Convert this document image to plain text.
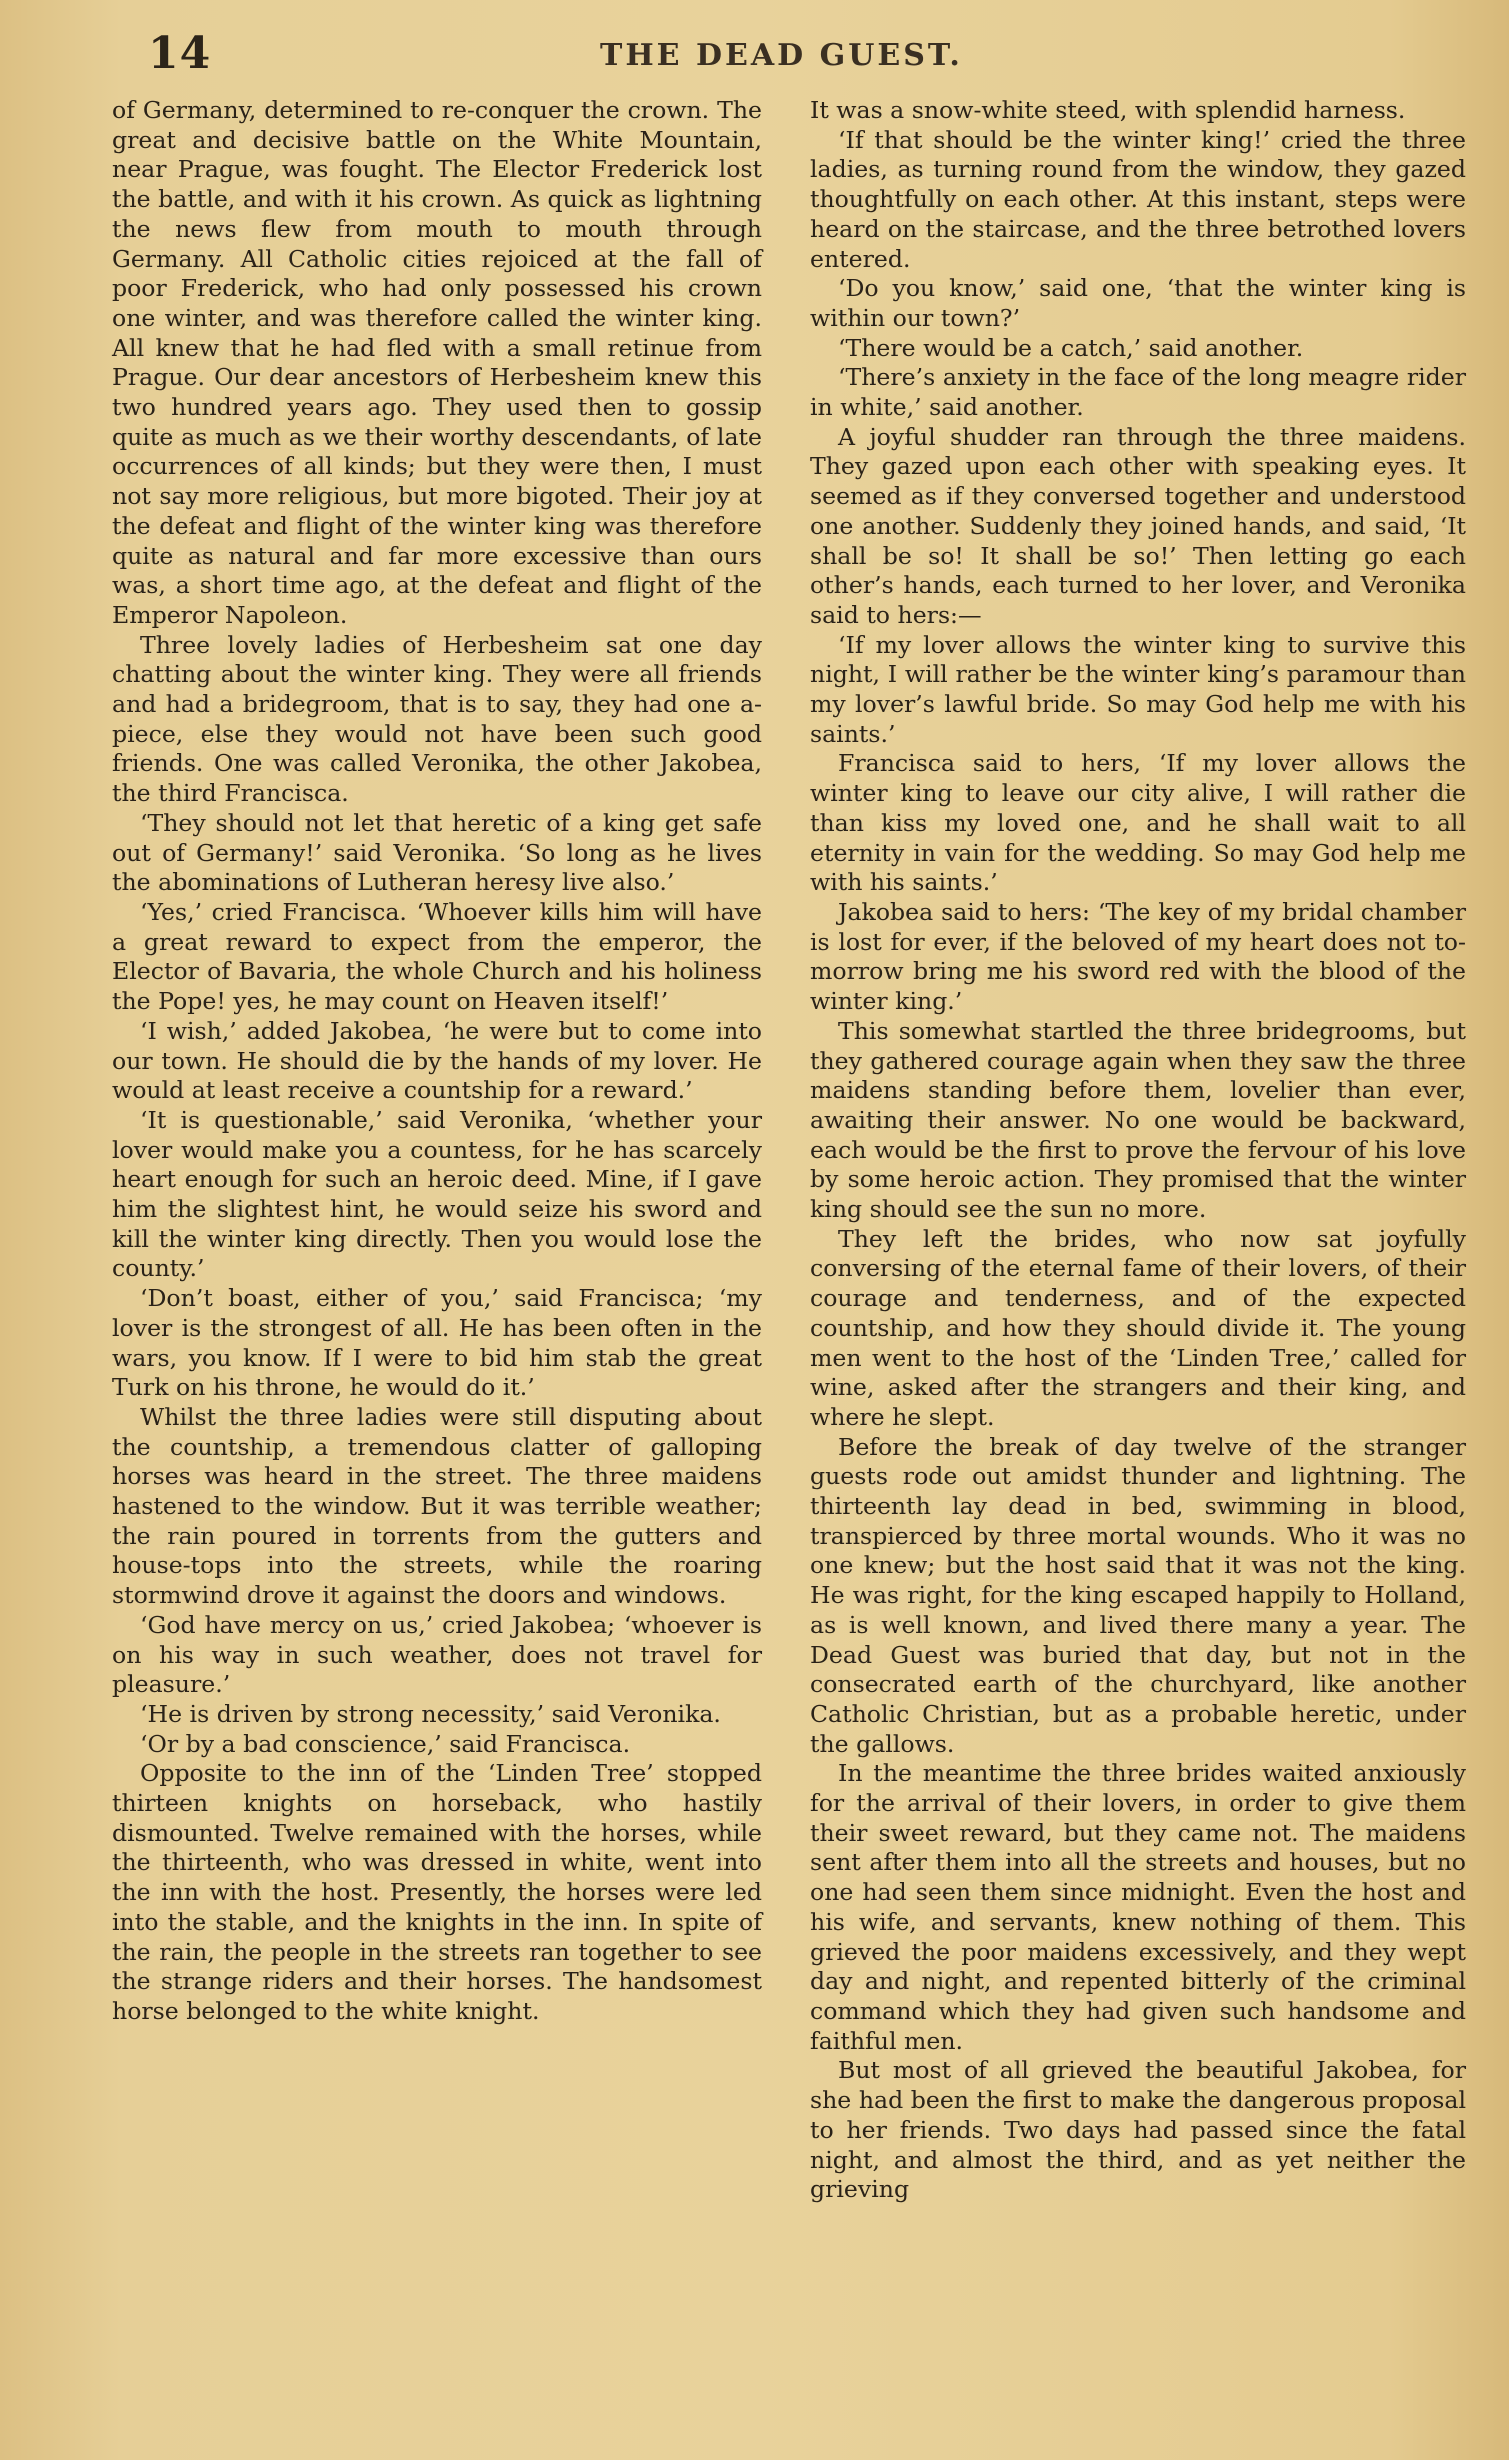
14	THE DEAD GUEST.

of Germany, determined to re-conquer the crown. The great and decisive battle on the White Mountain, near Prague, was fought. The Elector Frederick lost the battle, and with it his crown. As quick as lightning the news flew from mouth to mouth through Germany. All Catholic cities rejoiced at the fall of poor Frederick, who had only possessed his crown one winter, and was therefore called the winter king. All knew that he had fled with a small retinue from Prague. Our dear ancestors of Herbesheim knew this two hundred years ago. They used then to gossip quite as much as we their worthy descendants, of late occurrences of all kinds; but they were then, I must not say more religious, but more bigoted. Their joy at the defeat and flight of the winter king was therefore quite as natural and far more excessive than ours was, a short time ago, at the defeat and flight of the Emperor Napoleon.

Three lovely ladies of Herbesheim sat one day chatting about the winter king. They were all friends and had a bridegroom, that is to say, they had one a-piece, else they would not have been such good friends. One was called Veronika, the other Jakobea, the third Francisca.

‘They should not let that heretic of a king get safe out of Germany!’ said Veronika. ‘So long as he lives the abominations of Lutheran heresy live also.’

‘Yes,’ cried Francisca. ‘Whoever kills him will have a great reward to expect from the emperor, the Elector of Bavaria, the whole Church and his holiness the Pope! yes, he may count on Heaven itself!’

‘I wish,’ added Jakobea, ‘he were but to come into our town. He should die by the hands of my lover. He would at least receive a countship for a reward.’

‘It is questionable,’ said Veronika, ‘whether your lover would make you a countess, for he has scarcely heart enough for such an heroic deed. Mine, if I gave him the slightest hint, he would seize his sword and kill the winter king directly. Then you would lose the county.’

‘Don’t boast, either of you,’ said Francisca; ‘my lover is the strongest of all. He has been often in the wars, you know. If I were to bid him stab the great Turk on his throne, he would do it.’

Whilst the three ladies were still disputing about the countship, a tremendous clatter of galloping horses was heard in the street. The three maidens hastened to the window. But it was terrible weather; the rain poured in torrents from the gutters and house-tops into the streets, while the roaring stormwind drove it against the doors and windows.

‘God have mercy on us,’ cried Jakobea; ‘whoever is on his way in such weather, does not travel for pleasure.’

‘He is driven by strong necessity,’ said Veronika.

‘Or by a bad conscience,’ said Francisca.

Opposite to the inn of the ‘Linden Tree’ stopped thirteen knights on horseback, who hastily dismounted. Twelve remained with the horses, while the thirteenth, who was dressed in white, went into the inn with the host. Presently, the horses were led into the stable, and the knights in the inn. In spite of the rain, the people in the streets ran together to see the strange riders and their horses. The handsomest horse belonged to the white knight.

It was a snow-white steed, with splendid harness.

‘If that should be the winter king!’ cried the three ladies, as turning round from the window, they gazed thoughtfully on each other. At this instant, steps were heard on the staircase, and the three betrothed lovers entered.

‘Do you know,’ said one, ‘that the winter king is within our town?’

‘There would be a catch,’ said another.

‘There’s anxiety in the face of the long meagre rider in white,’ said another.

A joyful shudder ran through the three maidens. They gazed upon each other with speaking eyes. It seemed as if they conversed together and understood one another. Suddenly they joined hands, and said, ‘It shall be so! It shall be so!’ Then letting go each other’s hands, each turned to her lover, and Veronika said to hers:—

‘If my lover allows the winter king to survive this night, I will rather be the winter king’s paramour than my lover’s lawful bride. So may God help me with his saints.’

Francisca said to hers, ‘If my lover allows the winter king to leave our city alive, I will rather die than kiss my loved one, and he shall wait to all eternity in vain for the wedding. So may God help me with his saints.’

Jakobea said to hers: ‘The key of my bridal chamber is lost for ever, if the beloved of my heart does not to-morrow bring me his sword red with the blood of the winter king.’

This somewhat startled the three bridegrooms, but they gathered courage again when they saw the three maidens standing before them, lovelier than ever, awaiting their answer. No one would be backward, each would be the first to prove the fervour of his love by some heroic action. They promised that the winter king should see the sun no more.

They left the brides, who now sat joyfully conversing of the eternal fame of their lovers, of their courage and tenderness, and of the expected countship, and how they should divide it. The young men went to the host of the ‘Linden Tree,’ called for wine, asked after the strangers and their king, and where he slept.

Before the break of day twelve of the stranger guests rode out amidst thunder and lightning. The thirteenth lay dead in bed, swimming in blood, transpierced by three mortal wounds. Who it was no one knew; but the host said that it was not the king. He was right, for the king escaped happily to Holland, as is well known, and lived there many a year. The Dead Guest was buried that day, but not in the consecrated earth of the churchyard, like another Catholic Christian, but as a probable heretic, under the gallows.

In the meantime the three brides waited anxiously for the arrival of their lovers, in order to give them their sweet reward, but they came not. The maidens sent after them into all the streets and houses, but no one had seen them since midnight. Even the host and his wife, and servants, knew nothing of them. This grieved the poor maidens excessively, and they wept day and night, and repented bitterly of the criminal command which they had given such handsome and faithful men.

But most of all grieved the beautiful Jakobea, for she had been the first to make the dangerous proposal to her friends. Two days had passed since the fatal night, and almost the third, and as yet neither the grieving
